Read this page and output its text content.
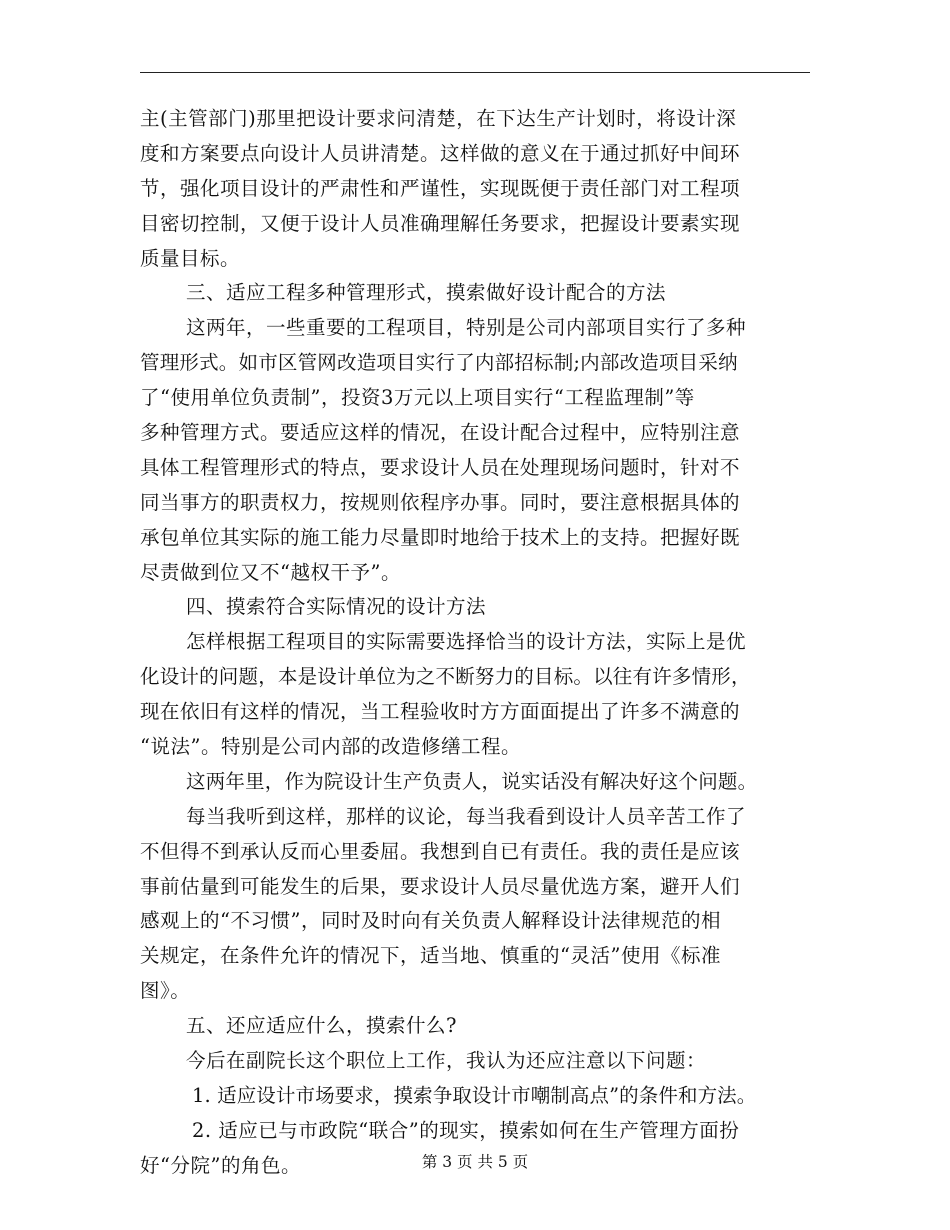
主(主管部门)那里把设计要求问清楚，在下达生产计划时，将设计深
度和方案要点向设计人员讲清楚。这样做的意义在于通过抓好中间环
节，强化项目设计的严肃性和严谨性，实现既便于责任部门对工程项
目密切控制，又便于设计人员准确理解任务要求，把握设计要素实现
质量目标。
三、适应工程多种管理形式，摸索做好设计配合的方法
这两年，一些重要的工程项目，特别是公司内部项目实行了多种
管理形式。如市区管网改造项目实行了内部招标制;内部改造项目采纳
了“使用单位负责制”，投资3万元以上项目实行“工程监理制”等
多种管理方式。要适应这样的情况，在设计配合过程中，应特别注意
具体工程管理形式的特点，要求设计人员在处理现场问题时，针对不
同当事方的职责权力，按规则依程序办事。同时，要注意根据具体的
承包单位其实际的施工能力尽量即时地给于技术上的支持。把握好既
尽责做到位又不“越权干予”。
四、摸索符合实际情况的设计方法
怎样根据工程项目的实际需要选择恰当的设计方法，实际上是优
化设计的问题，本是设计单位为之不断努力的目标。以往有许多情形，
现在依旧有这样的情况，当工程验收时方方面面提出了许多不满意的
“说法”。特别是公司内部的改造修缮工程。
这两年里，作为院设计生产负责人，说实话没有解决好这个问题。
每当我听到这样，那样的议论，每当我看到设计人员辛苦工作了
不但得不到承认反而心里委屈。我想到自已有责任。我的责任是应该
事前估量到可能发生的后果，要求设计人员尽量优选方案，避开人们
感观上的“不习惯”，同时及时向有关负责人解释设计法律规范的相
关规定，在条件允许的情况下，适当地、慎重的“灵活”使用《标准
图》。
五、还应适应什么，摸索什么?
今后在副院长这个职位上工作，我认为还应注意以下问题：
1. 适应设计市场要求，摸索争取设计市嘲制高点”的条件和方法。
2. 适应已与市政院“联合”的现实，摸索如何在生产管理方面扮
好“分院”的角色。	第 3 页 共 5 页
